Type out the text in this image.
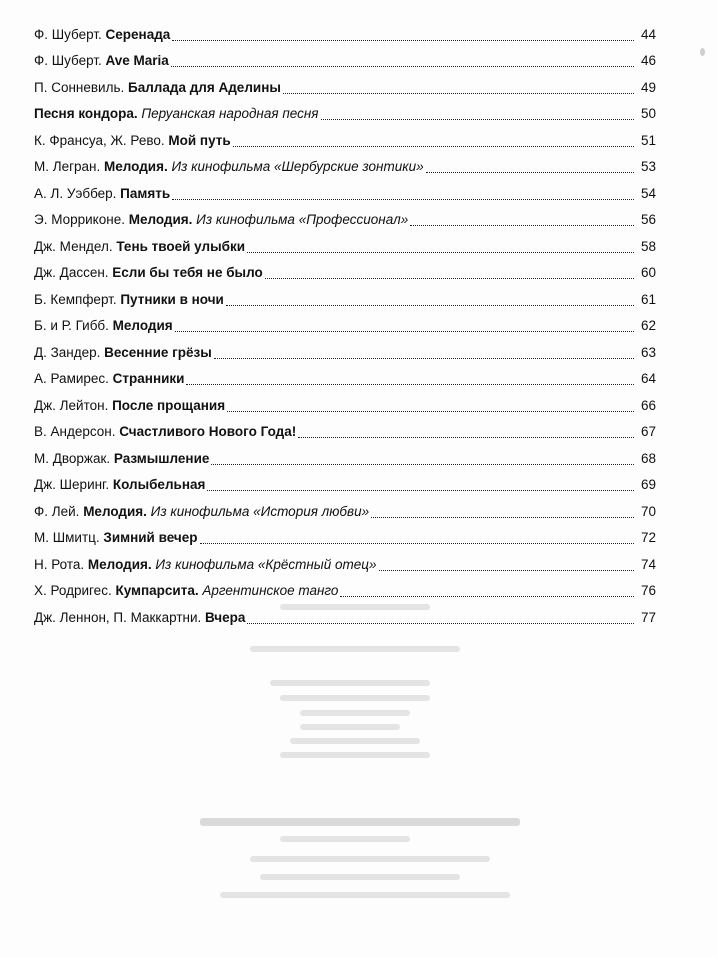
Ф. Шуберт. Серенада	44
Ф. Шуберт. Ave Maria	46
П. Сонневиль. Баллада для Аделины	49
Песня кондора. Перуанская народная песня	50
К. Франсуа, Ж. Рево. Мой путь	51
М. Легран. Мелодия. Из кинофильма «Шербурские зонтики»	53
А. Л. Уэббер. Память	54
Э. Морриконе. Мелодия. Из кинофильма «Профессионал»	56
Дж. Мендел. Тень твоей улыбки	58
Дж. Дассен. Если бы тебя не было	60
Б. Кемпферт. Путники в ночи	61
Б. и Р. Гибб. Мелодия	62
Д. Зандер. Весенние грёзы	63
А. Рамирес. Странники	64
Дж. Лейтон. После прощания	66
В. Андерсон. Счастливого Нового Года!	67
М. Дворжак. Размышление	68
Дж. Шеринг. Колыбельная	69
Ф. Лей. Мелодия. Из кинофильма «История любви»	70
М. Шмитц. Зимний вечер	72
Н. Рота. Мелодия. Из кинофильма «Крёстный отец»	74
Х. Родригес. Кумпарсита. Аргентинское танго	76
Дж. Леннон, П. Маккартни. Вчера	77
